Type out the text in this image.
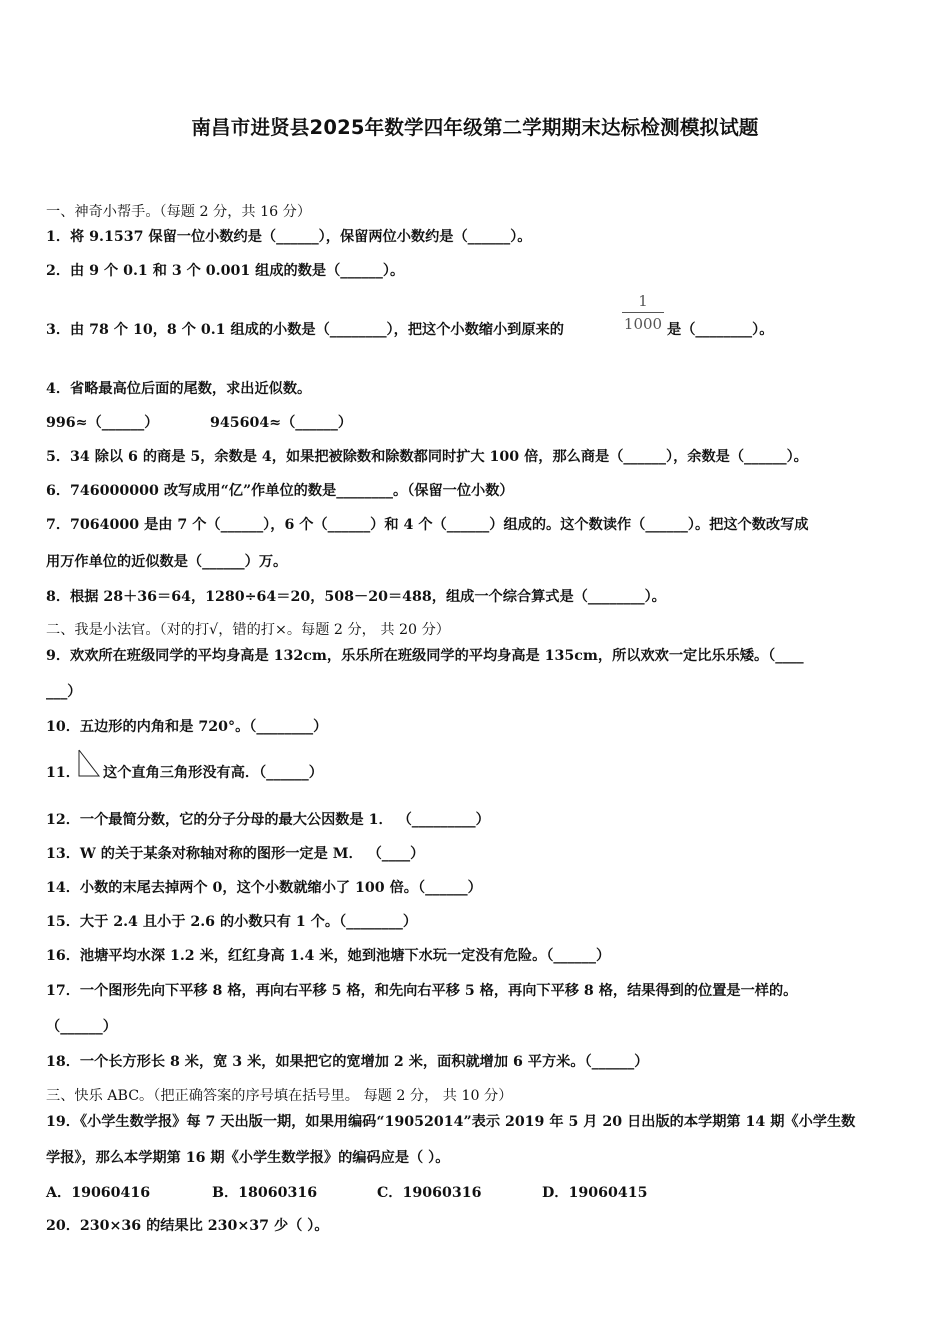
南昌市进贤县2025年数学四年级第二学期期末达标检测模拟试题
一、神奇小帮手。（每题 2 分，共 16 分）
1．将 9.1537 保留一位小数约是（______），保留两位小数约是（______）。
2．由 9 个 0.1 和 3 个 0.001 组成的数是（______）。
3．由 78 个 10，8 个 0.1 组成的小数是（________），把这个小数缩小到原来的
1
1000 是（________）。
4．省略最高位后面的尾数，求出近似数。
996≈（______）	945604≈（______）
5．34 除以 6 的商是 5，余数是 4，如果把被除数和除数都同时扩大 100 倍，那么商是（______），余数是（______）。
6．746000000 改写成用“亿”作单位的数是________。（保留一位小数）
7．7064000 是由 7 个（______），6 个（______）和 4 个（______）组成的。这个数读作（______）。把这个数改写成
用万作单位的近似数是（______）万。
8．根据 28＋36＝64，1280÷64＝20，508－20＝488，组成一个综合算式是（________）。
二、我是小法官。（对的打√，错的打×。每题 2 分， 共 20 分）
9．欢欢所在班级同学的平均身高是 132cm，乐乐所在班级同学的平均身高是 135cm，所以欢欢一定比乐乐矮。（____
___）
10．五边形的内角和是 720°。（________）
11． 这个直角三角形没有高．（______）
12．一个最简分数，它的分子分母的最大公因数是 1． （_________）
13．W 的关于某条对称轴对称的图形一定是 M． （____）
14．小数的末尾去掉两个 0，这个小数就缩小了 100 倍。（______）
15．大于 2.4 且小于 2.6 的小数只有 1 个。（________）
16．池塘平均水深 1.2 米，红红身高 1.4 米，她到池塘下水玩一定没有危险。（______）
17．一个图形先向下平移 8 格，再向右平移 5 格，和先向右平移 5 格，再向下平移 8 格，结果得到的位置是一样的。
（______）
18．一个长方形长 8 米，宽 3 米，如果把它的宽增加 2 米，面积就增加 6 平方米。（______）
三、快乐 ABC。（把正确答案的序号填在括号里。 每题 2 分， 共 10 分）
19．《小学生数学报》每 7 天出版一期，如果用编码“19052014”表示 2019 年 5 月 20 日出版的本学期第 14 期《小学生数
学报》，那么本学期第 16 期《小学生数学报》的编码应是（ ）。
A．19060416	B．18060316	C．19060316	D．19060415
20．230×36 的结果比 230×37 少（ ）。
